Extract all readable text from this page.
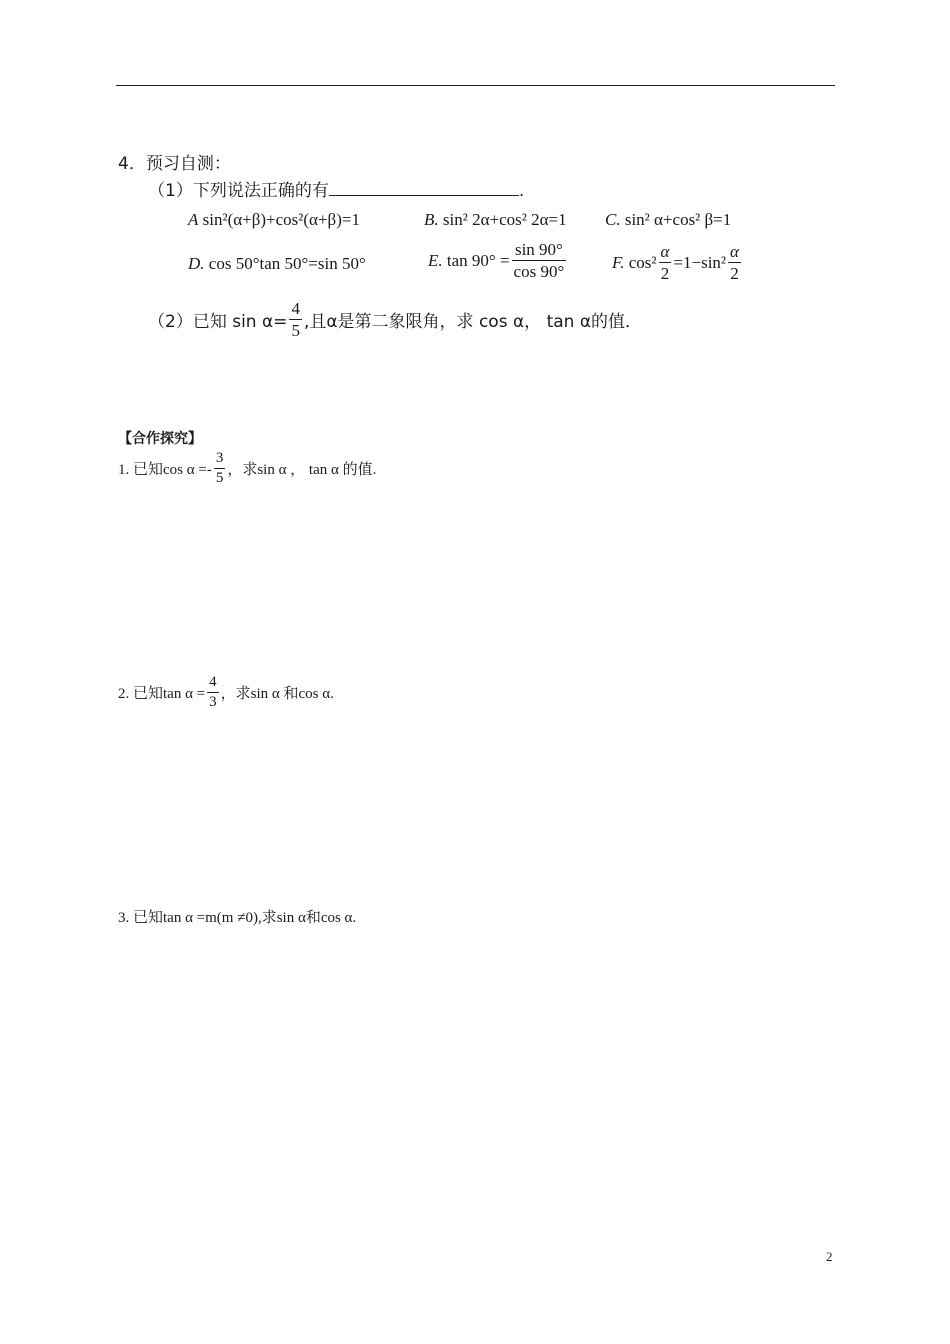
4．预习自测：
（1）下列说法正确的有	.
A sin²(α+β)+cos²(α+β)=1	B. sin² 2α+cos² 2α=1 C. sin² α+cos² β=1
D. cos 50°tan 50°=sin 50°	E.
$\tan 90^\circ = \frac{\sin 90^\circ}{\cos 90^\circ}$	F.
$\cos^2 \frac{\alpha}{2} =1-\sin^2 \frac{\alpha}{2}$
（2）已知 $\sin \alpha= \frac{4}{5}$ ,且α是第二象限角，求 cos α， tan α的值．
【合作探究】
1. 已知$\cos \alpha =- \frac{3}{5}$ ，求sin α ， tan α 的值.
2. 已知$\tan \alpha = \frac{4}{3}$ ，求sin α 和cos α.
3. 已知tan α =m(m ≠0),求sin α和cos α.
2
